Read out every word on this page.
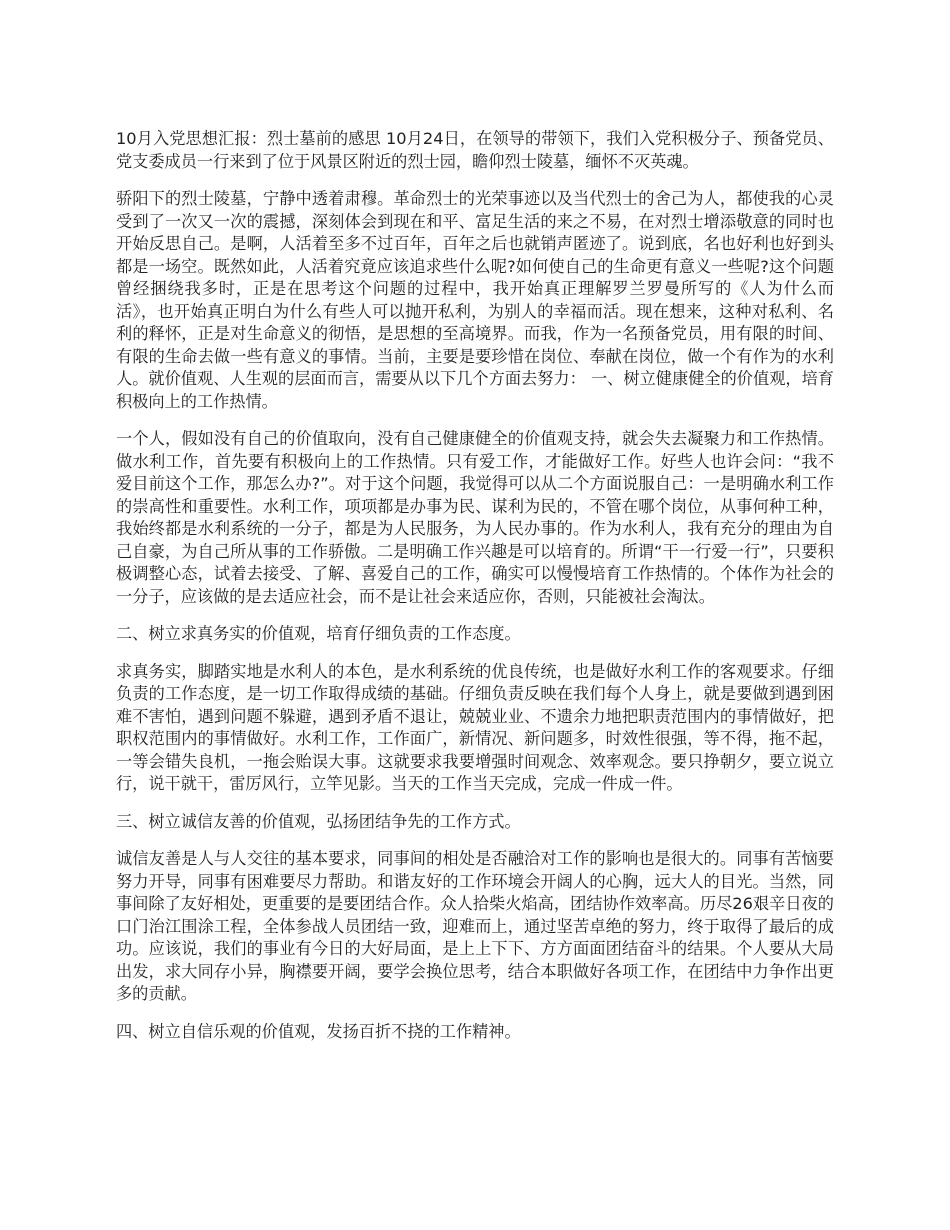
10月入党思想汇报：烈士墓前的感思 10月24日，在领导的带领下，我们入党积极分子、预备党员、党支委成员一行来到了位于风景区附近的烈士园，瞻仰烈士陵墓，缅怀不灭英魂。

骄阳下的烈士陵墓，宁静中透着肃穆。革命烈士的光荣事迹以及当代烈士的舍己为人，都使我的心灵受到了一次又一次的震撼，深刻体会到现在和平、富足生活的来之不易，在对烈士增添敬意的同时也开始反思自己。是啊，人活着至多不过百年，百年之后也就销声匿迹了。说到底，名也好利也好到头都是一场空。既然如此，人活着究竟应该追求些什么呢?如何使自己的生命更有意义一些呢?这个问题曾经捆绕我多时，正是在思考这个问题的过程中，我开始真正理解罗兰罗曼所写的《人为什么而活》，也开始真正明白为什么有些人可以抛开私利，为别人的幸福而活。现在想来，这种对私利、名利的释怀，正是对生命意义的彻悟，是思想的至高境界。而我，作为一名预备党员，用有限的时间、有限的生命去做一些有意义的事情。当前，主要是要珍惜在岗位、奉献在岗位，做一个有作为的水利人。就价值观、人生观的层面而言，需要从以下几个方面去努力： 一、树立健康健全的价值观，培育积极向上的工作热情。

一个人，假如没有自己的价值取向，没有自己健康健全的价值观支持，就会失去凝聚力和工作热情。做水利工作，首先要有积极向上的工作热情。只有爱工作，才能做好工作。好些人也许会问：“我不爱目前这个工作，那怎么办?”。对于这个问题，我觉得可以从二个方面说服自己：一是明确水利工作的崇高性和重要性。水利工作，项项都是办事为民、谋利为民的，不管在哪个岗位，从事何种工种，我始终都是水利系统的一分子，都是为人民服务，为人民办事的。作为水利人，我有充分的理由为自己自豪，为自己所从事的工作骄傲。二是明确工作兴趣是可以培育的。所谓“干一行爱一行”，只要积极调整心态，试着去接受、了解、喜爱自己的工作，确实可以慢慢培育工作热情的。个体作为社会的一分子，应该做的是去适应社会，而不是让社会来适应你，否则，只能被社会淘汰。

二、树立求真务实的价值观，培育仔细负责的工作态度。

求真务实，脚踏实地是水利人的本色，是水利系统的优良传统，也是做好水利工作的客观要求。仔细负责的工作态度，是一切工作取得成绩的基础。仔细负责反映在我们每个人身上，就是要做到遇到困难不害怕，遇到问题不躲避，遇到矛盾不退让，兢兢业业、不遗余力地把职责范围内的事情做好，把职权范围内的事情做好。水利工作，工作面广，新情况、新问题多，时效性很强，等不得，拖不起，一等会错失良机，一拖会贻误大事。这就要求我要增强时间观念、效率观念。要只挣朝夕，要立说立行，说干就干，雷厉风行，立竿见影。当天的工作当天完成，完成一件成一件。

三、树立诚信友善的价值观，弘扬团结争先的工作方式。

诚信友善是人与人交往的基本要求，同事间的相处是否融洽对工作的影响也是很大的。同事有苦恼要努力开导，同事有困难要尽力帮助。和谐友好的工作环境会开阔人的心胸，远大人的目光。当然，同事间除了友好相处，更重要的是要团结合作。众人拾柴火焰高，团结协作效率高。历尽26艰辛日夜的口门治江围涂工程，全体参战人员团结一致，迎难而上，通过坚苦卓绝的努力，终于取得了最后的成功。应该说，我们的事业有今日的大好局面，是上上下下、方方面面团结奋斗的结果。个人要从大局出发，求大同存小异，胸襟要开阔，要学会换位思考，结合本职做好各项工作，在团结中力争作出更多的贡献。

四、树立自信乐观的价值观，发扬百折不挠的工作精神。
